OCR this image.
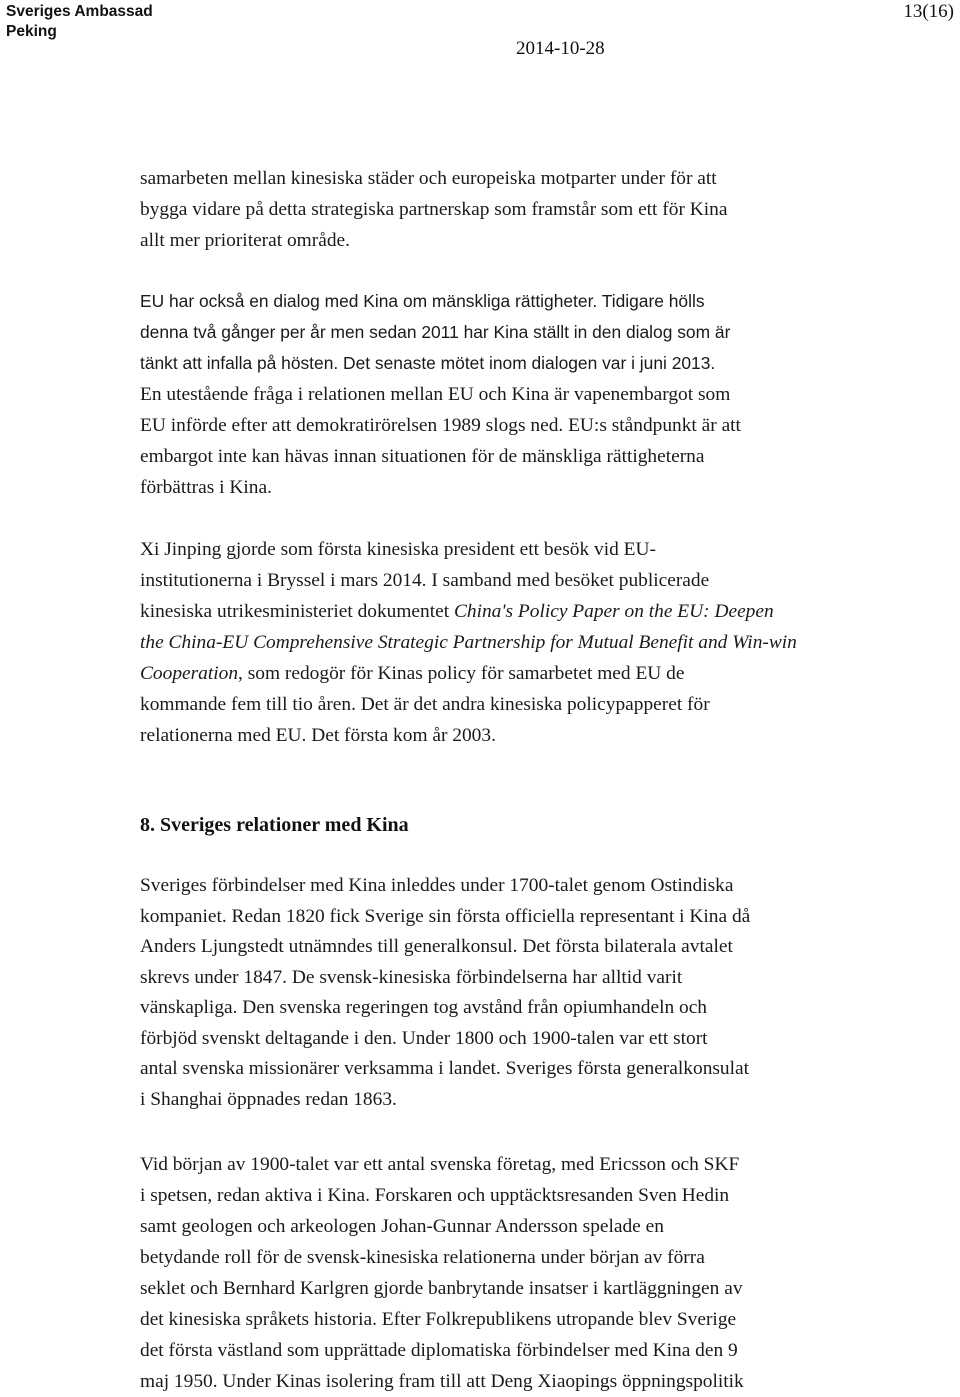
Sveriges Ambassad
Peking
13(16)
2014-10-28
samarbeten mellan kinesiska städer och europeiska motparter under för att
bygga vidare på detta strategiska partnerskap som framstår som ett för Kina
allt mer prioriterat område.
EU har också en dialog med Kina om mänskliga rättigheter. Tidigare hölls
denna två gånger per år men sedan 2011 har Kina ställt in den dialog som är
tänkt att infalla på hösten. Det senaste mötet inom dialogen var i juni 2013.
En utestående fråga i relationen mellan EU och Kina är vapenembargot som
EU införde efter att demokratirörelsen 1989 slogs ned. EU:s ståndpunkt är att
embargot inte kan hävas innan situationen för de mänskliga rättigheterna
förbättras i Kina.
Xi Jinping gjorde som första kinesiska president ett besök vid EU-
institutionerna i Bryssel i mars 2014. I samband med besöket publicerade
kinesiska utrikesministeriet dokumentet China's Policy Paper on the EU: Deepen
the China-EU Comprehensive Strategic Partnership for Mutual Benefit and Win-win
Cooperation, som redogör för Kinas policy för samarbetet med EU de
kommande fem till tio åren. Det är det andra kinesiska policypapperet för
relationerna med EU. Det första kom år 2003.
8. Sveriges relationer med Kina
Sveriges förbindelser med Kina inleddes under 1700-talet genom Ostindiska
kompaniet. Redan 1820 fick Sverige sin första officiella representant i Kina då
Anders Ljungstedt utnämndes till generalkonsul. Det första bilaterala avtalet
skrevs under 1847. De svensk-kinesiska förbindelserna har alltid varit
vänskapliga. Den svenska regeringen tog avstånd från opiumhandeln och
förbjöd svenskt deltagande i den. Under 1800 och 1900-talen var ett stort
antal svenska missionärer verksamma i landet. Sveriges första generalkonsulat
i Shanghai öppnades redan 1863.
Vid början av 1900-talet var ett antal svenska företag, med Ericsson och SKF
i spetsen, redan aktiva i Kina. Forskaren och upptäcktsresanden Sven Hedin
samt geologen och arkeologen Johan-Gunnar Andersson spelade en
betydande roll för de svensk-kinesiska relationerna under början av förra
seklet och Bernhard Karlgren gjorde banbrytande insatser i kartläggningen av
det kinesiska språkets historia. Efter Folkrepublikens utropande blev Sverige
det första västland som upprättade diplomatiska förbindelser med Kina den 9
maj 1950. Under Kinas isolering fram till att Deng Xiaopings öppningspolitik
